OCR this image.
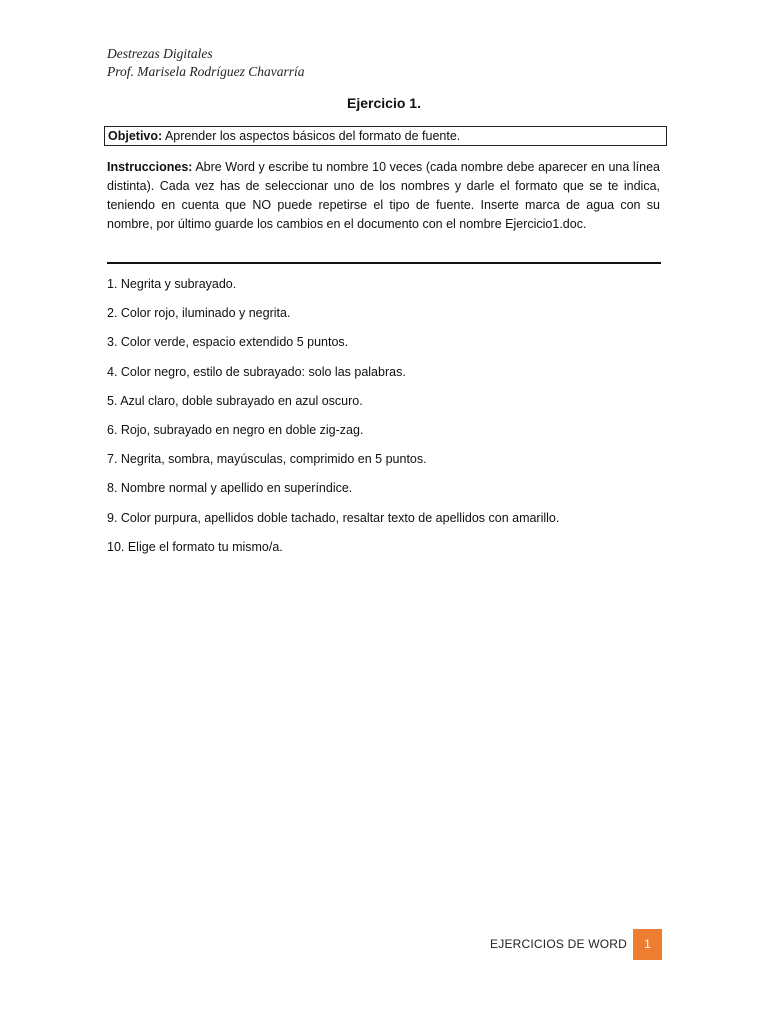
Destrezas Digitales
Prof. Marisela Rodríguez Chavarría
Ejercicio 1.
Objetivo: Aprender los aspectos básicos del formato de fuente.
Instrucciones: Abre Word y escribe tu nombre 10 veces (cada nombre debe aparecer en una línea distinta). Cada vez has de seleccionar uno de los nombres y darle el formato que se te indica, teniendo en cuenta que NO puede repetirse el tipo de fuente. Inserte marca de agua con su nombre, por último guarde los cambios en el documento con el nombre Ejercicio1.doc.
1. Negrita y subrayado.
2. Color rojo, iluminado y negrita.
3. Color verde, espacio extendido 5 puntos.
4. Color negro, estilo de subrayado: solo las palabras.
5. Azul claro, doble subrayado en azul oscuro.
6. Rojo, subrayado en negro en doble zig-zag.
7. Negrita, sombra, mayúsculas, comprimido en 5 puntos.
8. Nombre normal y apellido en superíndice.
9. Color purpura, apellidos doble tachado, resaltar texto de apellidos con amarillo.
10. Elige el formato tu mismo/a.
EJERCICIOS DE WORD	1
